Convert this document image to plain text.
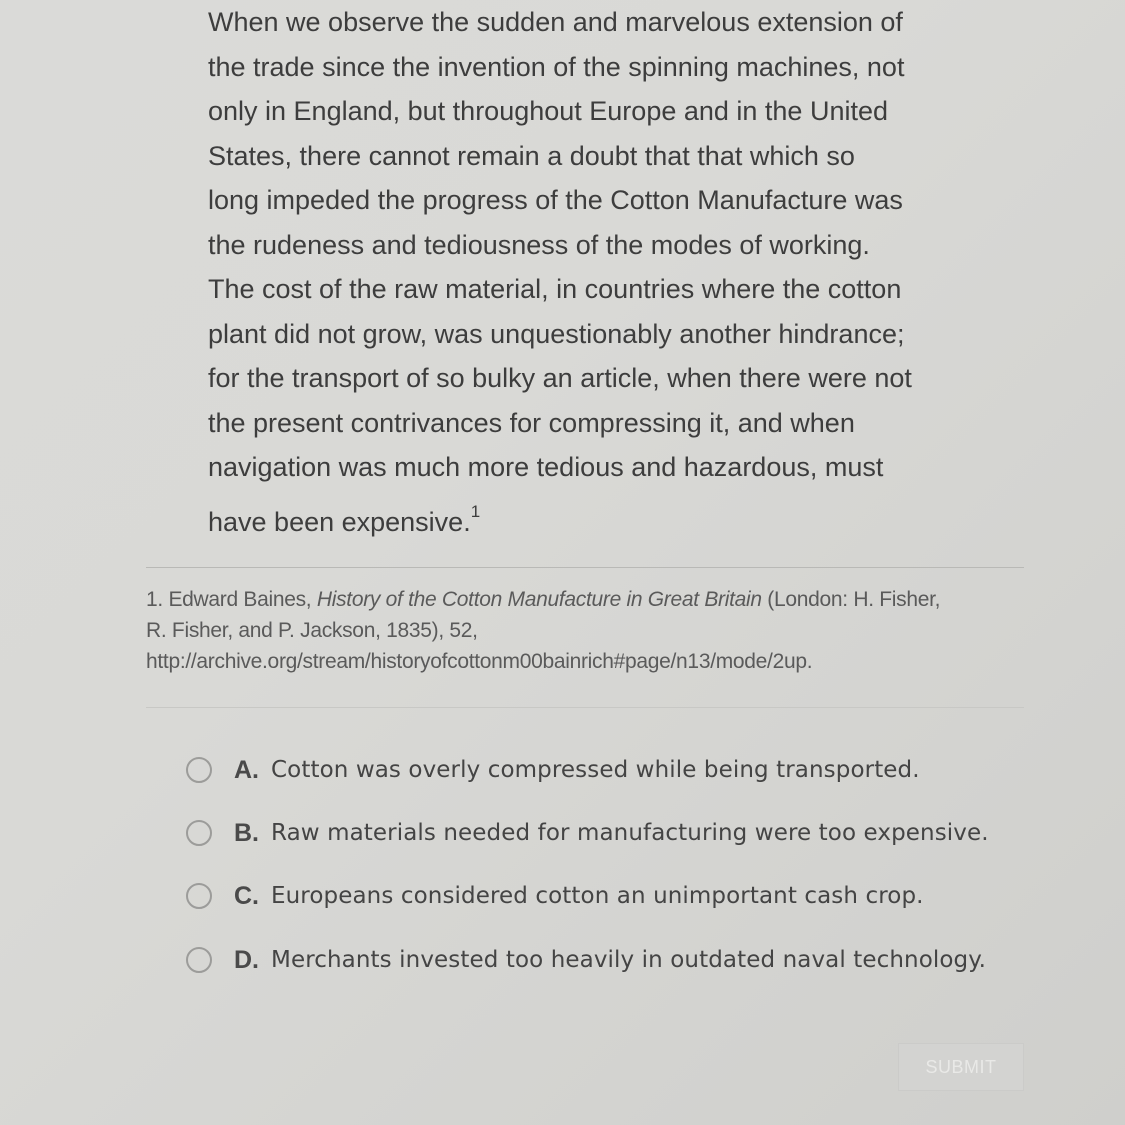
When we observe the sudden and marvelous extension of
the trade since the invention of the spinning machines, not
only in England, but throughout Europe and in the United
States, there cannot remain a doubt that that which so
long impeded the progress of the Cotton Manufacture was
the rudeness and tediousness of the modes of working.
The cost of the raw material, in countries where the cotton
plant did not grow, was unquestionably another hindrance;
for the transport of so bulky an article, when there were not
the present contrivances for compressing it, and when
navigation was much more tedious and hazardous, must
have been expensive.$^1$
1. Edward Baines, History of the Cotton Manufacture in Great Britain (London: H. Fisher,
R. Fisher, and P. Jackson, 1835), 52,
http://archive.org/stream/historyofcottonm00bainrich#page/n13/mode/2up.
A. Cotton was overly compressed while being transported.
B. Raw materials needed for manufacturing were too expensive.
C. Europeans considered cotton an unimportant cash crop.
D. Merchants invested too heavily in outdated naval technology.
SUBMIT
